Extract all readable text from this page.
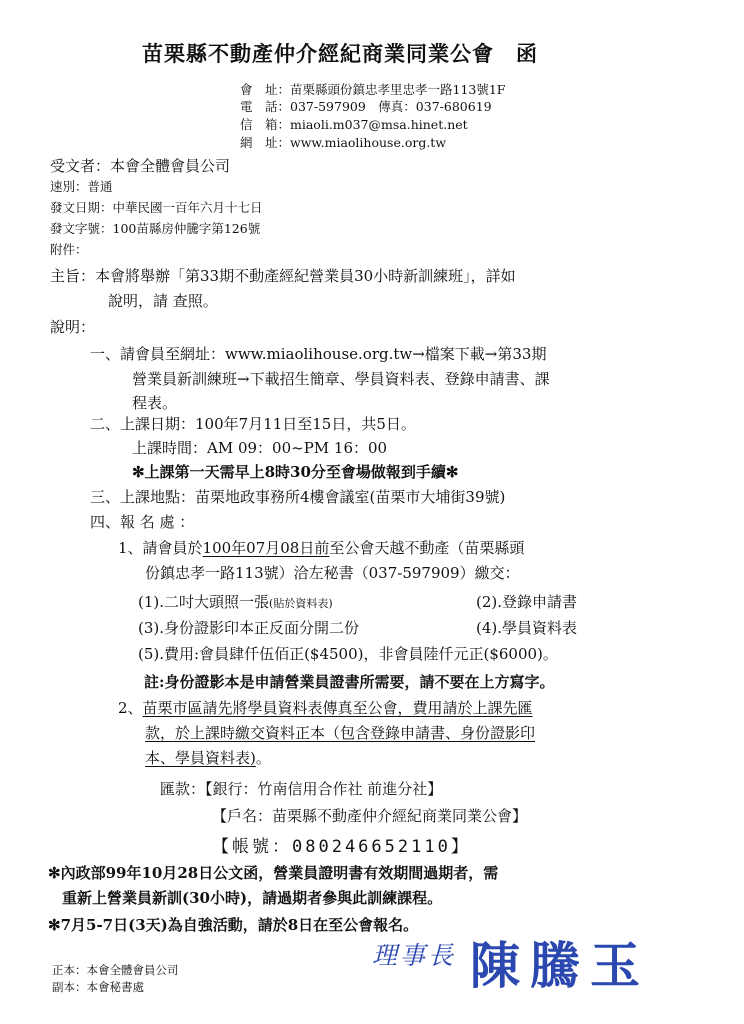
苗栗縣不動產仲介經紀商業同業公會　函
會　址：苗栗縣頭份鎮忠孝里忠孝一路113號1F
電　話：037-597909　傳真：037-680619
信　箱：miaoli.m037@msa.hinet.net
網　址：www.miaolihouse.org.tw
受文者：本會全體會員公司
速別：普通
發文日期：中華民國一百年六月十七日
發文字號：100苗縣房仲騰字第126號
附件：
主旨：本會將舉辦「第33期不動產經紀營業員30小時新訓練班」，詳如
說明，請 查照。
說明：
一、請會員至網址：www.miaolihouse.org.tw→檔案下載→第33期
營業員新訓練班→下載招生簡章、學員資料表、登錄申請書、課
程表。
二、上課日期：100年7月11日至15日，共5日。
上課時間：AM 09：00~PM 16：00
✻上課第一天需早上8時30分至會場做報到手續✻
三、上課地點：苗栗地政事務所4樓會議室(苗栗市大埔街39號)
四、報 名 處 ：
1、請會員於100年07月08日前至公會天越不動產（苗栗縣頭
份鎮忠孝一路113號）洽左秘書（037-597909）繳交：
(1).二吋大頭照一張(貼於資料表)	(2).登錄申請書
(3).身份證影印本正反面分開二份	(4).學員資料表
(5).費用:會員肆仟伍佰正($4500)，非會員陸仟元正($6000)。
註:身份證影本是申請營業員證書所需要，請不要在上方寫字。
2、苗栗市區請先將學員資料表傳真至公會，費用請於上課先匯
款，於上課時繳交資料正本（包含登錄申請書、身份證影印
本、學員資料表)。
匯款：【銀行：竹南信用合作社 前進分社】
【戶名：苗栗縣不動產仲介經紀商業同業公會】
【帳號：080246652110】
✻內政部99年10月28日公文函，營業員證明書有效期間過期者，需
重新上營業員新訓(30小時)，請過期者參與此訓練課程。
✻7月5-7日(3天)為自強活動，請於8日在至公會報名。
正本：本會全體會員公司
副本：本會秘書處
理事長 陳騰玉
